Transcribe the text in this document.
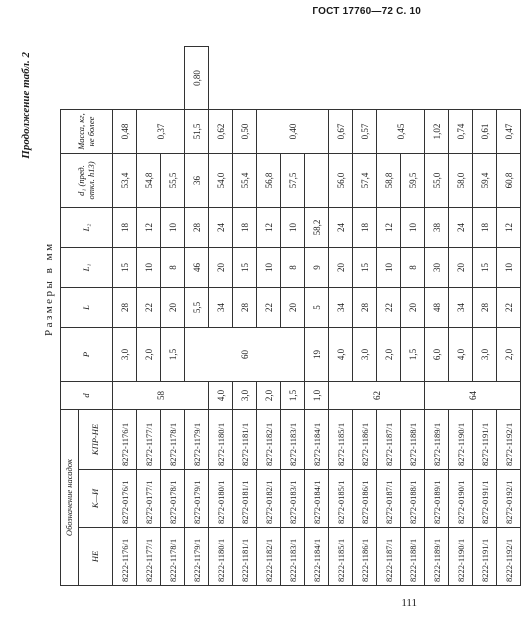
ГОСТ 17760—72 С. 10
Продолжение табл. 2
Размеры в мм
Обозначение насадок			d	P	L	L₁	L₂	d₁ (пред. откл. h13)	Масса, кг, не более	
НЕ	К—И	КПР-НЕ								
8222-1176/1	8272-0176/1	8272-1176/1	58	3,0	28	15	18	53,4	0,48	
8222-1177/1	8272-0177/1	8272-1177/1		2,0	22	10	12	54,8	0,37	
8222-1178/1	8272-0178/1	8272-1178/1		1,5	20	8	10	55,5		
8222-1179/1	8272-0179/1	8272-1179/1		60	5,5	46	28	36	51,5	0,80
8222-1180/1	8272-0180/1	8272-1180/1	4,0		34	20	24	54,0	0,62	
8222-1181/1	8272-0181/1	8272-1181/1	3,0		28	15	18	55,4	0,50	
8222-1182/1	8272-0182/1	8272-1182/1	2,0		22	10	12	56,8	0,40	
8222-1183/1	8272-0183/1	8272-1183/1	1,5		20	8	10	57,5		
8222-1184/1	8272-0184/1	8272-1184/1	1,0	19	5	9	58,2			
8222-1185/1	8272-0185/1	8272-1185/1	62	4,0	34	20	24	56,0	0,67	
8222-1186/1	8272-0186/1	8272-1186/1		3,0	28	15	18	57,4	0,57	
8222-1187/1	8272-0187/1	8272-1187/1		2,0	22	10	12	58,8	0,45	
8222-1188/1	8272-0188/1	8272-1188/1		1,5	20	8	10	59,5		
8222-1189/1	8272-0189/1	8272-1189/1	64	6,0	48	30	38	55,0	1,02	
8222-1190/1	8272-0190/1	8272-1190/1		4,0	34	20	24	58,0	0,74	
8222-1191/1	8272-0191/1	8272-1191/1		3,0	28	15	18	59,4	0,61	
8222-1192/1	8272-0192/1	8272-1192/1		2,0	22	10	12	60,8	0,47	
111
